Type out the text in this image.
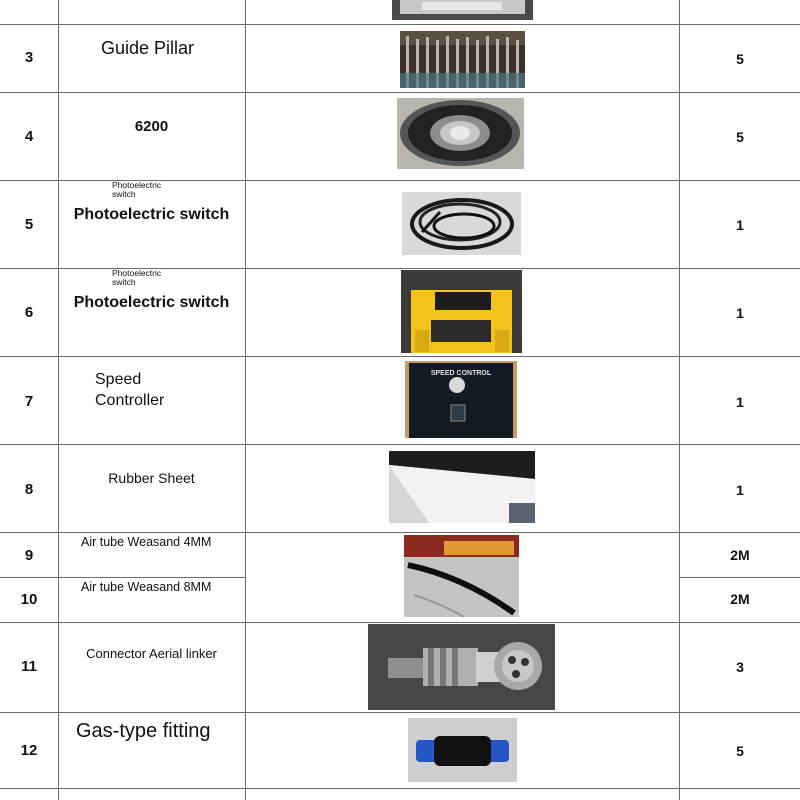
3	Guide Pillar
5
4
6200
5
5
Photoelectric switch
Photoelectric switch
1
6
Photoelectric switch
Photoelectric switch
1
7
Speed
Controller
SPEED CONTROL
1
8
Rubber Sheet
1
9
Air tube Weasand 4MM
2M
10
Air tube Weasand 8MM
2M
11
Connector Aerial linker
3
12
Gas-type fitting
5
